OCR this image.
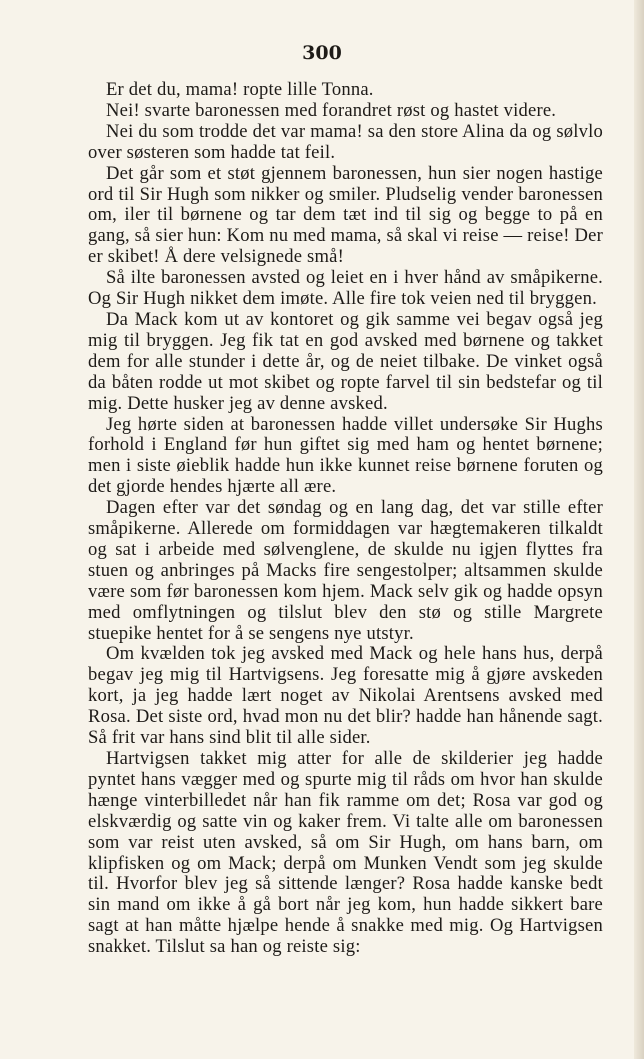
300

Er det du, mama! ropte lille Tonna.

Nei! svarte baronessen med forandret røst og hastet videre.

Nei du som trodde det var mama! sa den store Alina da og sølvlo over søsteren som hadde tat feil.

Det går som et støt gjennem baronessen, hun sier nogen hastige ord til Sir Hugh som nikker og smiler. Pludselig vender baronessen om, iler til børnene og tar dem tæt ind til sig og begge to på en gang, så sier hun: Kom nu med mama, så skal vi reise — reise! Der er skibet! Å dere velsignede små!

Så ilte baronessen avsted og leiet en i hver hånd av småpikerne. Og Sir Hugh nikket dem imøte. Alle fire tok veien ned til bryggen.

Da Mack kom ut av kontoret og gik samme vei begav også jeg mig til bryggen. Jeg fik tat en god avsked med børnene og takket dem for alle stunder i dette år, og de neiet tilbake. De vinket også da båten rodde ut mot skibet og ropte farvel til sin bedstefar og til mig. Dette husker jeg av denne avsked.

Jeg hørte siden at baronessen hadde villet undersøke Sir Hughs forhold i England før hun giftet sig med ham og hentet børnene; men i siste øieblik hadde hun ikke kunnet reise børnene foruten og det gjorde hendes hjærte all ære.

Dagen efter var det søndag og en lang dag, det var stille efter småpikerne. Allerede om formiddagen var hægtemakeren tilkaldt og sat i arbeide med sølvenglene, de skulde nu igjen flyttes fra stuen og anbringes på Macks fire sengestolper; altsammen skulde være som før baronessen kom hjem. Mack selv gik og hadde opsyn med omflytningen og tilslut blev den stø og stille Margrete stuepike hentet for å se sengens nye utstyr.

Om kvælden tok jeg avsked med Mack og hele hans hus, derpå begav jeg mig til Hartvigsens. Jeg foresatte mig å gjøre avskeden kort, ja jeg hadde lært noget av Nikolai Arentsens avsked med Rosa. Det siste ord, hvad mon nu det blir? hadde han hånende sagt. Så frit var hans sind blit til alle sider.

Hartvigsen takket mig atter for alle de skilderier jeg hadde pyntet hans vægger med og spurte mig til råds om hvor han skulde hænge vinterbilledet når han fik ramme om det; Rosa var god og elskværdig og satte vin og kaker frem. Vi talte alle om baronessen som var reist uten avsked, så om Sir Hugh, om hans barn, om klipfisken og om Mack; derpå om Munken Vendt som jeg skulde til. Hvorfor blev jeg så sittende længer? Rosa hadde kanske bedt sin mand om ikke å gå bort når jeg kom, hun hadde sikkert bare sagt at han måtte hjælpe hende å snakke med mig. Og Hartvigsen snakket. Tilslut sa han og reiste sig:
